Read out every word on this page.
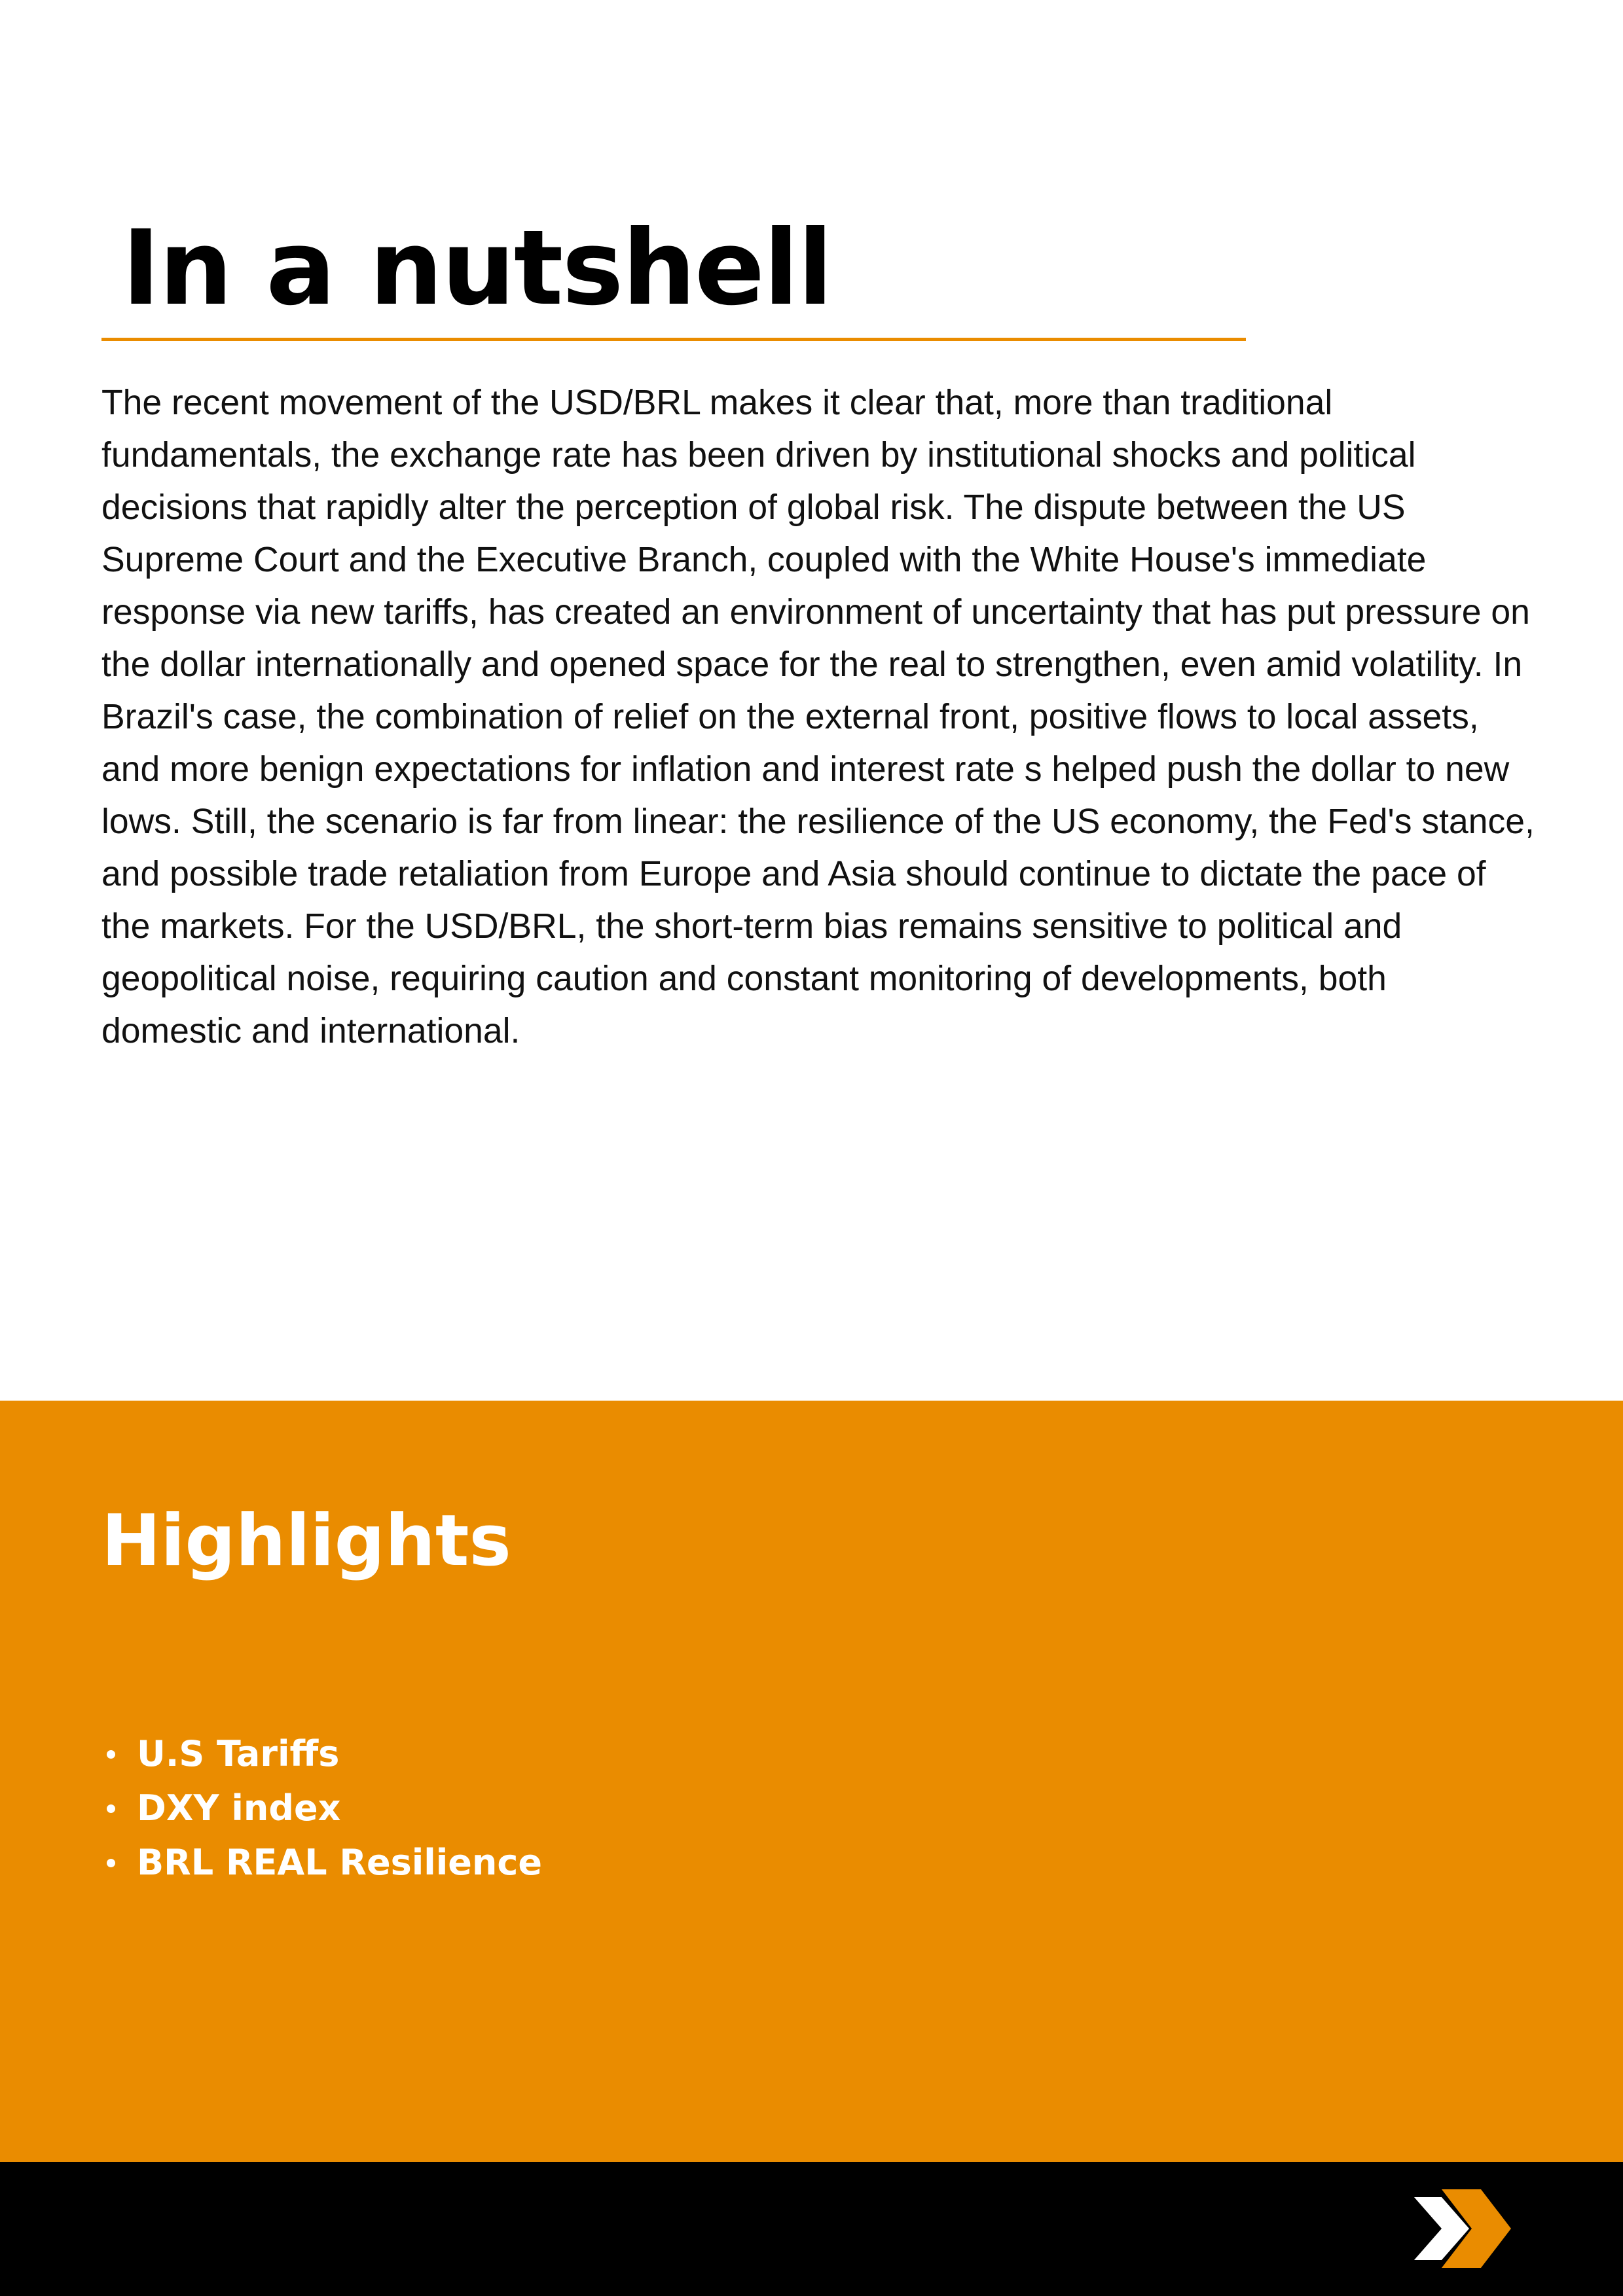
In a nutshell

The recent movement of the USD/BRL makes it clear that, more than traditional fundamentals, the exchange rate has been driven by institutional shocks and political decisions that rapidly alter the perception of global risk. The dispute between the US Supreme Court and the Executive Branch, coupled with the White House's immediate response via new tariffs, has created an environment of uncertainty that has put pressure on the dollar internationally and opened space for the real to strengthen, even amid volatility. In Brazil's case, the combination of relief on the external front, positive flows to local assets, and more benign expectations for inflation and interest rate s helped push the dollar to new lows. Still, the scenario is far from linear: the resilience of the US economy, the Fed's stance, and possible trade retaliation from Europe and Asia should continue to dictate the pace of the markets. For the USD/BRL, the short-term bias remains sensitive to political and geopolitical noise, requiring caution and constant monitoring of developments, both domestic and international.

Highlights
U.S Tariffs
DXY index
BRL REAL Resilience
